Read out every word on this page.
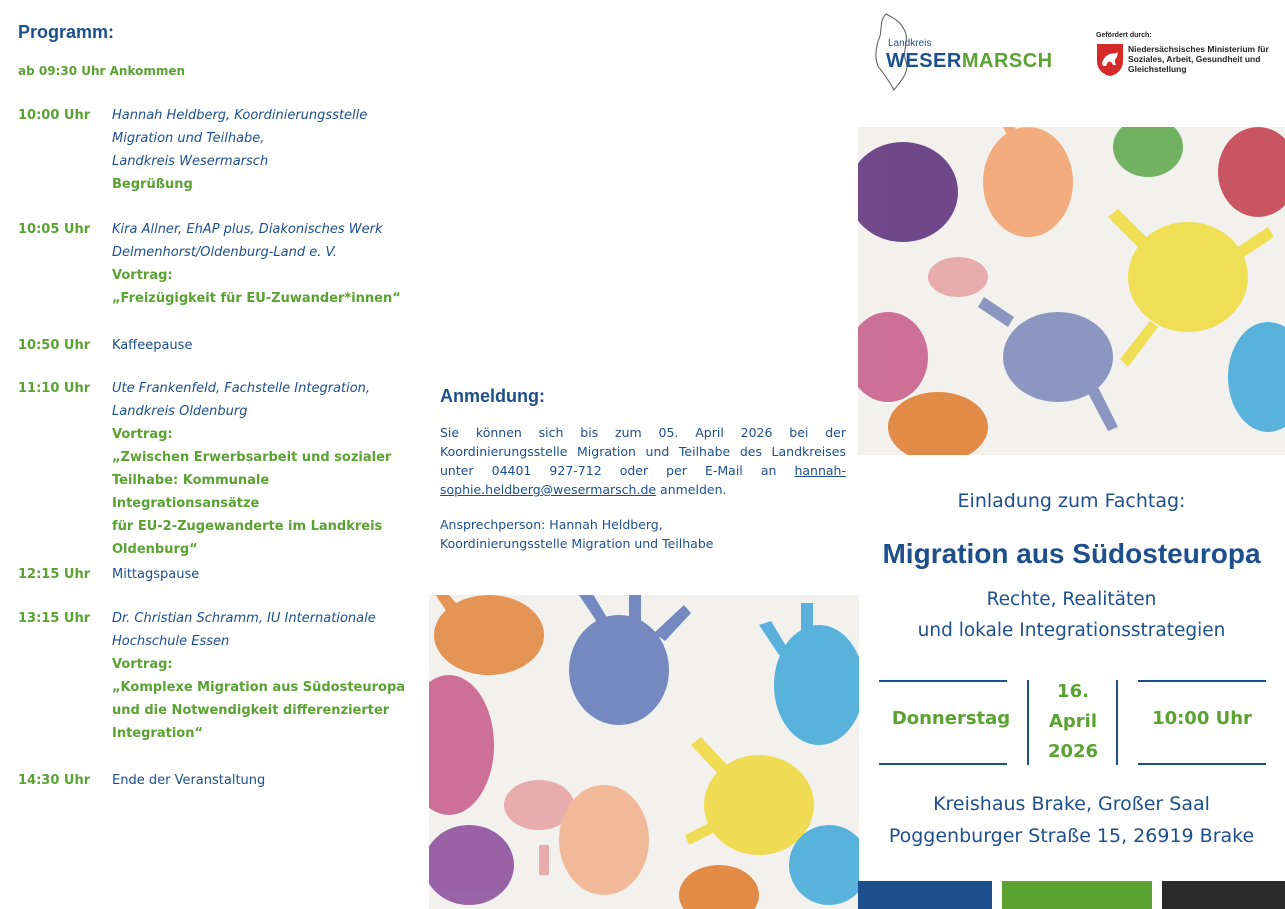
Programm:
ab 09:30 Uhr Ankommen
10:00 Uhr Hannah Heldberg, Koordinierungsstelle
Migration und Teilhabe,
Landkreis Wesermarsch
Begrüßung
10:05 Uhr Kira Allner, EhAP plus, Diakonisches Werk
Delmenhorst/Oldenburg-Land e. V.
Vortrag:
„Freizügigkeit für EU-Zuwander*innen“
10:50 Uhr Kaffeepause
11:10 Uhr Ute Frankenfeld, Fachstelle Integration,
Landkreis Oldenburg
Vortrag:
„Zwischen Erwerbsarbeit und sozialer
Teilhabe: Kommunale Integrationsansätze
für EU-2-Zugewanderte im Landkreis
Oldenburg“
12:15 Uhr Mittagspause
13:15 Uhr Dr. Christian Schramm, IU Internationale
Hochschule Essen
Vortrag:
„Komplexe Migration aus Südosteuropa
und die Notwendigkeit differenzierter
Integration“
14:30 Uhr Ende der Veranstaltung
Anmeldung:

Sie können sich bis zum 05. April 2026 bei der Koordinierungsstelle Migration und Teilhabe des Landkreises unter 04401 927-712 oder per E-Mail an hannah-sophie.heldberg@wesermarsch.de anmelden.

Ansprechperson: Hannah Heldberg,
Koordinierungsstelle Migration und Teilhabe

Landkreis
WESERMARSCH
Gefördert durch:
Niedersächsisches Ministerium für Soziales, Arbeit, Gesundheit und Gleichstellung
Einladung zum Fachtag:
Migration aus Südosteuropa
Rechte, Realitäten
und lokale Integrationsstrategien
Donnerstag
16.
April
2026
10:00 Uhr
Kreishaus Brake, Großer Saal
Poggenburger Straße 15, 26919 Brake
